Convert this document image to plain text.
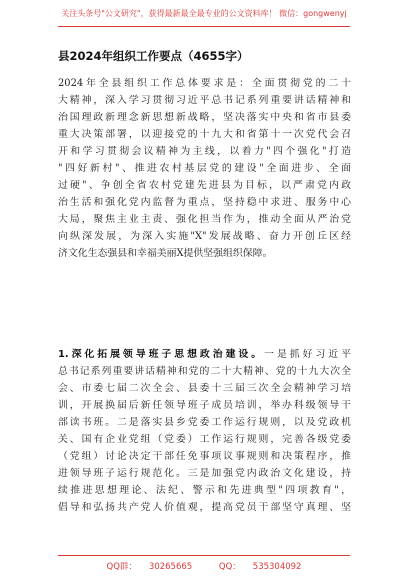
关注头条号"公文研究"，获得最新最全最专业的公文资料库！ 微信：gongwenyj
县2024年组织工作要点（4655字）
2024年全县组织工作总体要求是：全面贯彻党的二十
大精神，深入学习贯彻习近平总书记系列重要讲话精神和
治国理政新理念新思想新战略，坚决落实中央和省市县委
重大决策部署，以迎接党的十九大和省第十一次党代会召
开和学习贯彻会议精神为主线，以着力"四个强化"打造
"四好新村"、推进农村基层党的建设"全面进步、全面
过硬"、争创全省农村党建先进县为目标，以严肃党内政
治生活和强化党内监督为重点，坚持稳中求进、服务中心
大局，聚焦主业主责、强化担当作为，推动全面从严治党
向纵深发展，为深入实施"X"发展战略、奋力开创丘区经
济文化生态强县和幸福美丽X提供坚强组织保障。
1.深化拓展领导班子思想政治建设。一是抓好习近平
总书记系列重要讲话精神和党的二十大精神、党的十九大次全
会、市委七届二次全会、县委十三届三次全会精神学习培
训，开展换届后新任领导班子成员培训，举办科级领导干
部读书班。二是落实县乡党委工作运行规则，以及党政机
关、国有企业党组（党委）工作运行规则，完善各级党委
（党组）讨论决定干部任免事项议事规则和决策程序，推
进领导班子运行规范化。三是加强党内政治文化建设，持
续推进思想理论、法纪、警示和先进典型"四项教育"，
倡导和弘扬共产党人价值观，提高党员干部坚守真理、坚
QQ群： 30265665	QQ： 535304092
